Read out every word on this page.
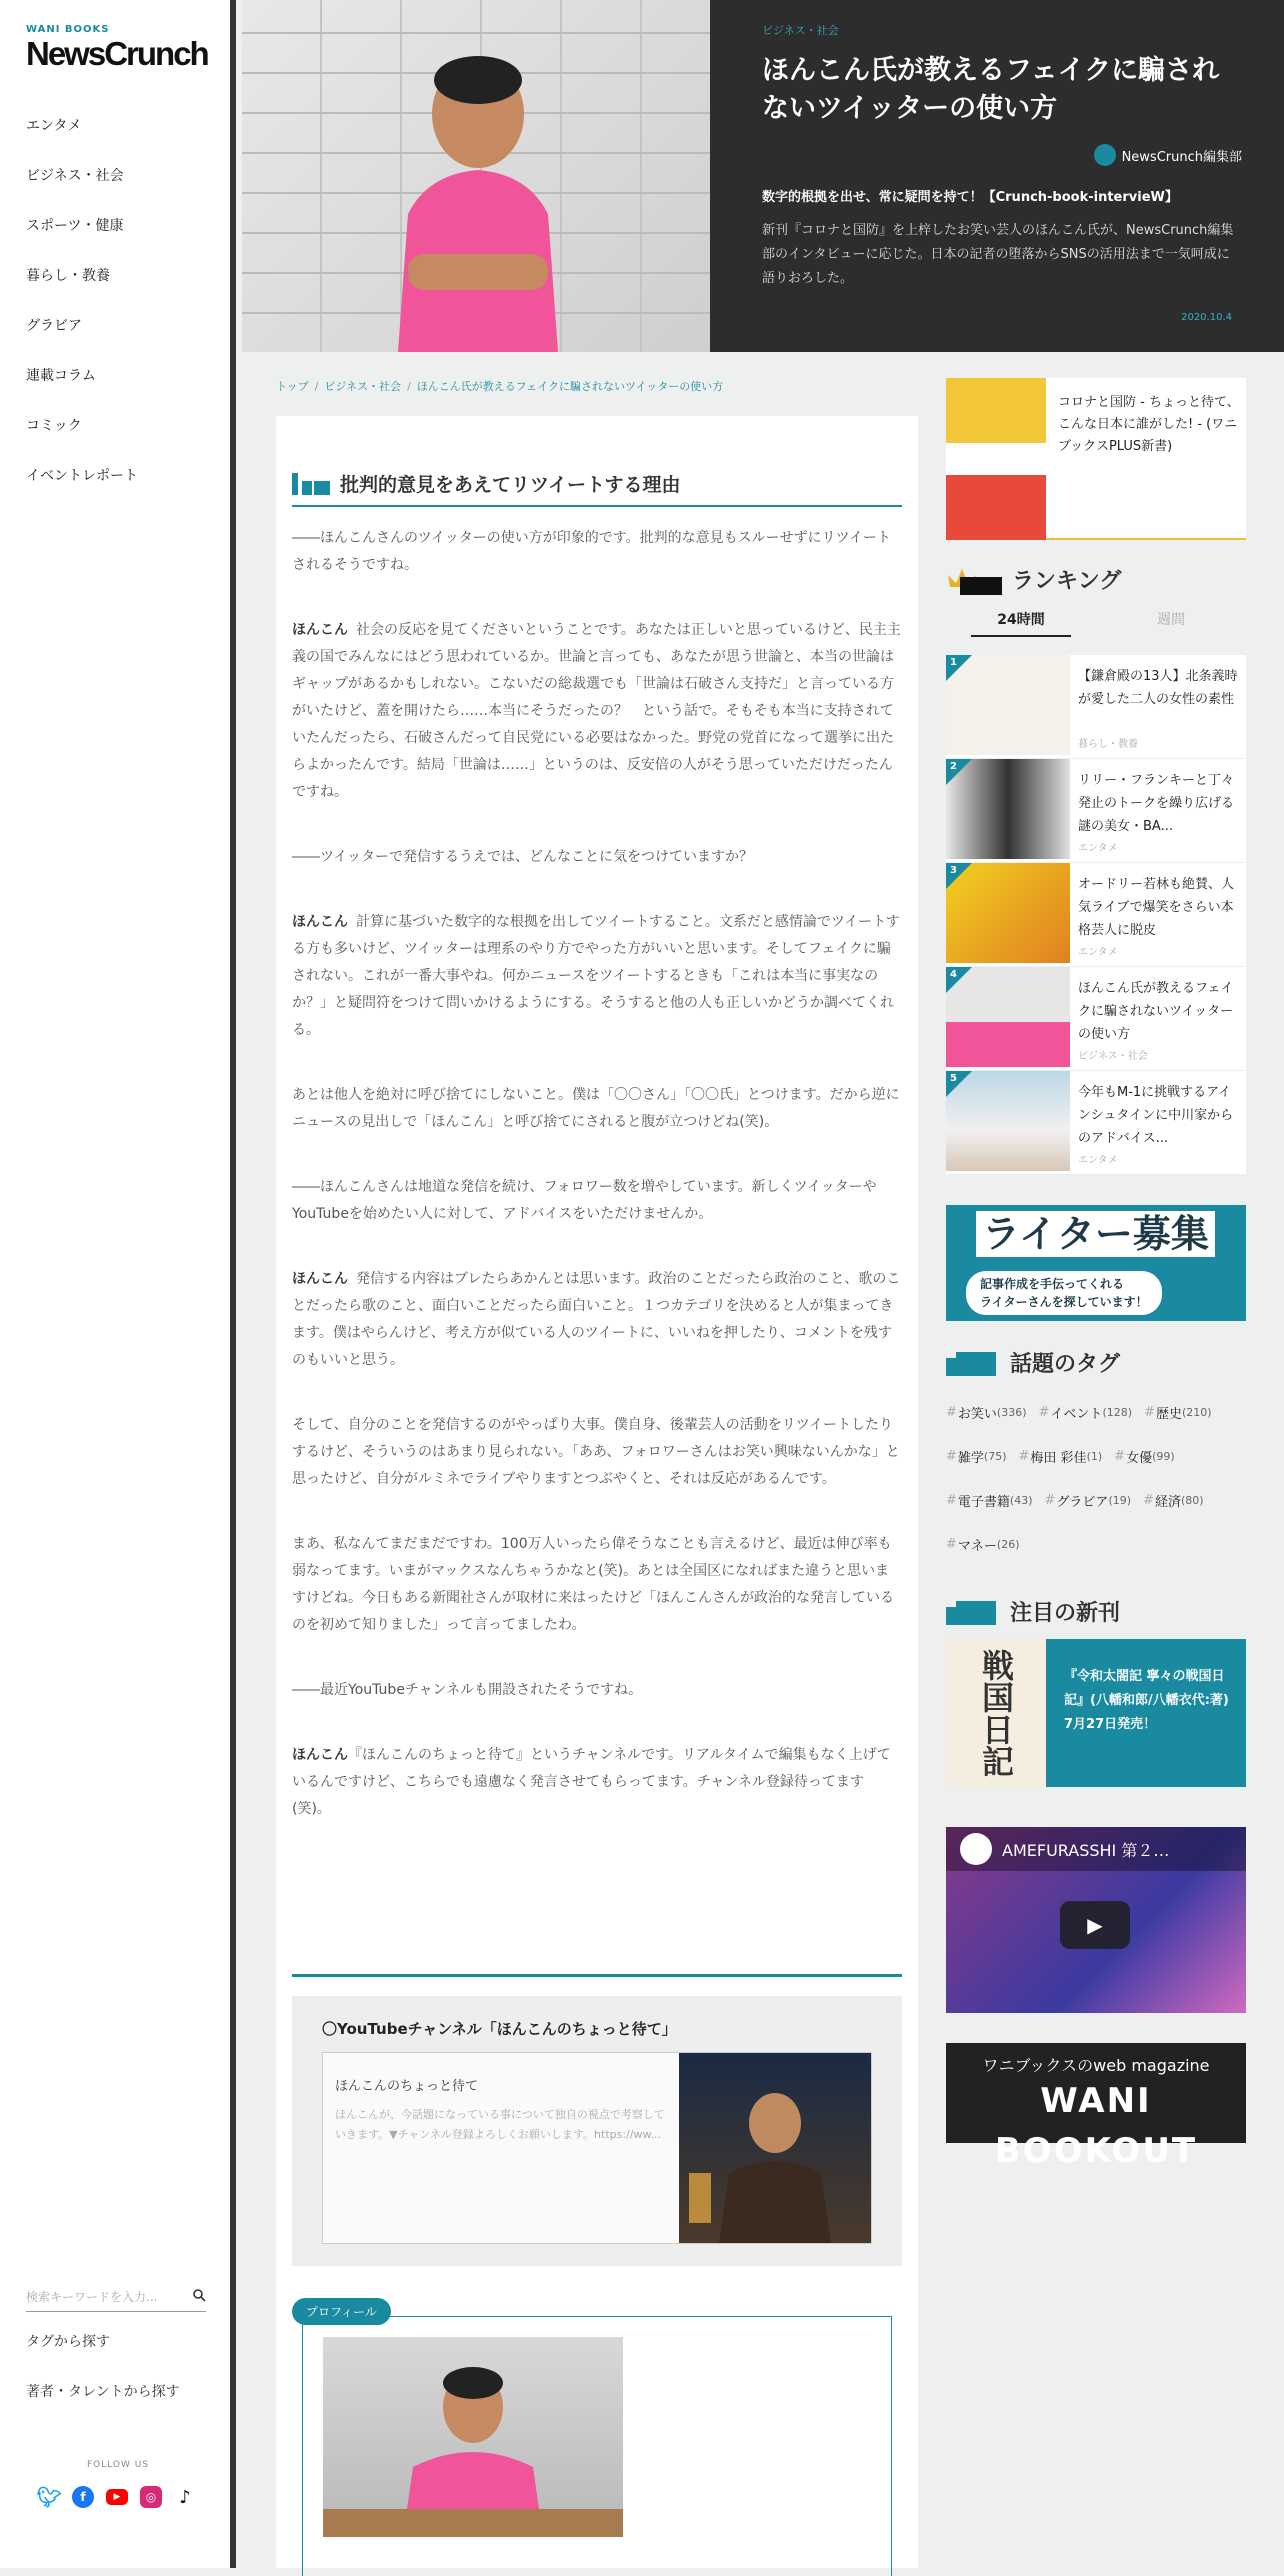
WANI BOOKS
NewsCrunch
エンタメ
ビジネス・社会
スポーツ・健康
暮らし・教養
グラビア
連載コラム
コミック
イベントレポート
検索キーワードを入力...
タグから探す
著者・タレントから探す
FOLLOW US
🐦︎	f	▶	◎	♪
ビジネス・社会
ほんこん氏が教えるフェイクに騙されないツイッターの使い方
NewsCrunch編集部
数字的根拠を出せ、常に疑問を持て！【Crunch-book-intervieW】
新刊『コロナと国防』を上梓したお笑い芸人のほんこん氏が、NewsCrunch編集部のインタビューに応じた。日本の記者の堕落からSNSの活用法まで一気呵成に語りおろした。
2020.10.4
トップ / ビジネス・社会 / ほんこん氏が教えるフェイクに騙されないツイッターの使い方
批判的意見をあえてリツイートする理由

――ほんこんさんのツイッターの使い方が印象的です。批判的な意見もスルーせずにリツイートされるそうですね。

ほんこん 社会の反応を見てくださいということです。あなたは正しいと思っているけど、民主主義の国でみんなにはどう思われているか。世論と言っても、あなたが思う世論と、本当の世論はギャップがあるかもしれない。こないだの総裁選でも「世論は石破さん支持だ」と言っている方がいたけど、蓋を開けたら……本当にそうだったの？　という話で。そもそも本当に支持されていたんだったら、石破さんだって自民党にいる必要はなかった。野党の党首になって選挙に出たらよかったんです。結局「世論は……」というのは、反安倍の人がそう思っていただけだったんですね。

――ツイッターで発信するうえでは、どんなことに気をつけていますか？

ほんこん 計算に基づいた数字的な根拠を出してツイートすること。文系だと感情論でツイートする方も多いけど、ツイッターは理系のやり方でやった方がいいと思います。そしてフェイクに騙されない。これが一番大事やね。何かニュースをツイートするときも「これは本当に事実なのか？」と疑問符をつけて問いかけるようにする。そうすると他の人も正しいかどうか調べてくれる。

あとは他人を絶対に呼び捨てにしないこと。僕は「〇〇さん」「〇〇氏」とつけます。だから逆にニュースの見出しで「ほんこん」と呼び捨てにされると腹が立つけどね(笑)。

――ほんこんさんは地道な発信を続け、フォロワー数を増やしています。新しくツイッターやYouTubeを始めたい人に対して、アドバイスをいただけませんか。

ほんこん 発信する内容はブレたらあかんとは思います。政治のことだったら政治のこと、歌のことだったら歌のこと、面白いことだったら面白いこと。１つカテゴリを決めると人が集まってきます。僕はやらんけど、考え方が似ている人のツイートに、いいねを押したり、コメントを残すのもいいと思う。

そして、自分のことを発信するのがやっぱり大事。僕自身、後輩芸人の活動をリツイートしたりするけど、そういうのはあまり見られない。「ああ、フォロワーさんはお笑い興味ないんかな」と思ったけど、自分がルミネでライブやりますとつぶやくと、それは反応があるんです。

まあ、私なんてまだまだですわ。100万人いったら偉そうなことも言えるけど、最近は伸び率も弱なってます。いまがマックスなんちゃうかなと(笑)。あとは全国区になればまた違うと思いますけどね。今日もある新聞社さんが取材に来はったけど「ほんこんさんが政治的な発言しているのを初めて知りました」って言ってましたわ。

――最近YouTubeチャンネルも開設されたそうですね。

ほんこん『ほんこんのちょっと待て』というチャンネルです。リアルタイムで編集もなく上げているんですけど、こちらでも遠慮なく発言させてもらってます。チャンネル登録待ってます(笑)。

〇YouTubeチャンネル「ほんこんのちょっと待て」
ほんこんのちょっと待て
ほんこんが、今話題になっている事について独自の視点で考察していきます。▼チャンネル登録よろしくお願いします。https://ww...
プロフィール
コロナと国防 - ちょっと待て、こんな日本に誰がした! - (ワニブックスPLUS新書)
ランキング
24時間	週間
1
【鎌倉殿の13人】北条義時が愛した二人の女性の素性
暮らし・教養
2
リリー・フランキーと丁々発止のトークを繰り広げる謎の美女・BA...
エンタメ
3
オードリー若林も絶賛、人気ライブで爆笑をさらい本格芸人に脱皮
エンタメ
4
ほんこん氏が教えるフェイクに騙されないツイッターの使い方
ビジネス・社会
5
今年もM-1に挑戦するアインシュタインに中川家からのアドバイス...
エンタメ
ライター募集
記事作成を手伝ってくれる
ライターさんを探しています！
話題のタグ
# お笑い (336) # イベント (128) # 歴史 (210)
# 雑学 (75) # 梅田 彩佳 (1) # 女優 (99)
# 電子書籍 (43) # グラビア (19) # 経済 (80)
# マネー (26)
注目の新刊
戦国日記	『令和太閤記 寧々の戦国日記』(八幡和郎/八幡衣代:著)　7月27日発売！
AMEFURASSHI 第２…
▶
ワニブックスのweb magazine
WANI BOOKOUT
